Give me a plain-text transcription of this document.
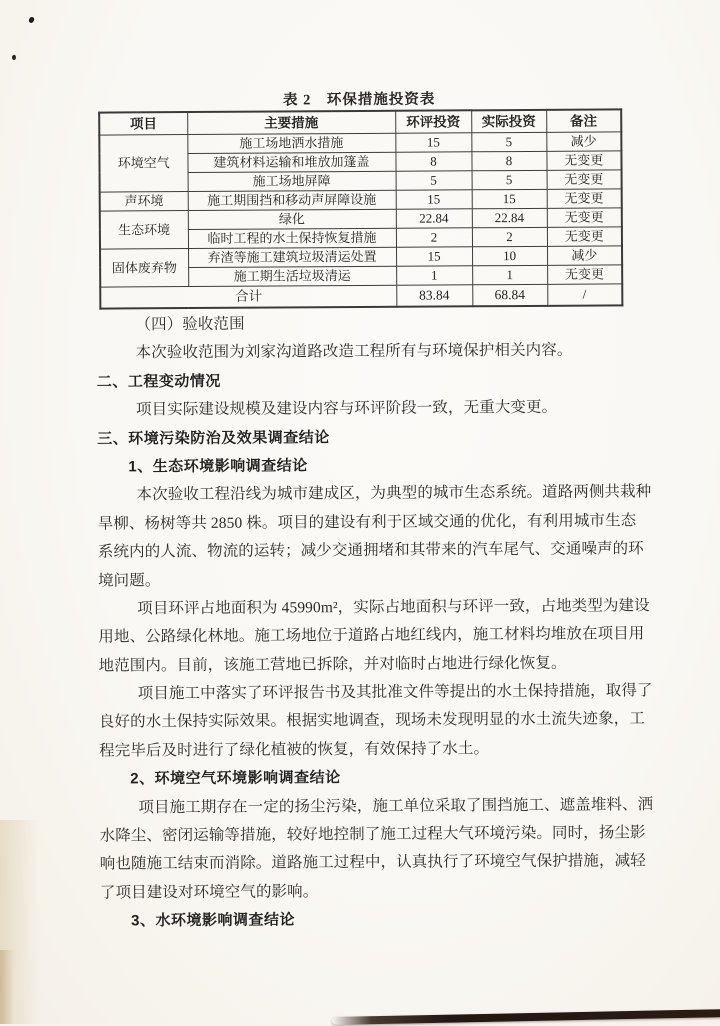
表 2　环保措施投资表
项目	主要措施	环评投资	实际投资	备注
环境空气	施工场地洒水措施	15	5	减少
	建筑材料运输和堆放加篷盖	8	8	无变更
	施工场地屏障	5	5	无变更
声环境	施工期围挡和移动声屏障设施	15	15	无变更
生态环境	绿化	22.84	22.84	无变更
	临时工程的水土保持恢复措施	2	2	无变更
固体废弃物	弃渣等施工建筑垃圾清运处置	15	10	减少
	施工期生活垃圾清运	1	1	无变更
合计		83.84	68.84	/
（四）验收范围
本次验收范围为刘家沟道路改造工程所有与环境保护相关内容。
二、工程变动情况
项目实际建设规模及建设内容与环评阶段一致，无重大变更。
三、环境污染防治及效果调查结论
1、生态环境影响调查结论
本次验收工程沿线为城市建成区，为典型的城市生态系统。道路两侧共栽种
旱柳、杨树等共 2850 株。项目的建设有利于区域交通的优化，有利用城市生态
系统内的人流、物流的运转；减少交通拥堵和其带来的汽车尾气、交通噪声的环
境问题。
项目环评占地面积为 45990m²，实际占地面积与环评一致，占地类型为建设
用地、公路绿化林地。施工场地位于道路占地红线内，施工材料均堆放在项目用
地范围内。目前，该施工营地已拆除，并对临时占地进行绿化恢复。
项目施工中落实了环评报告书及其批准文件等提出的水土保持措施，取得了
良好的水土保持实际效果。根据实地调查，现场未发现明显的水土流失迹象，工
程完毕后及时进行了绿化植被的恢复，有效保持了水土。
2、环境空气环境影响调查结论
项目施工期存在一定的扬尘污染，施工单位采取了围挡施工、遮盖堆料、洒
水降尘、密闭运输等措施，较好地控制了施工过程大气环境污染。同时，扬尘影
响也随施工结束而消除。道路施工过程中，认真执行了环境空气保护措施，减轻
了项目建设对环境空气的影响。
3、水环境影响调查结论
